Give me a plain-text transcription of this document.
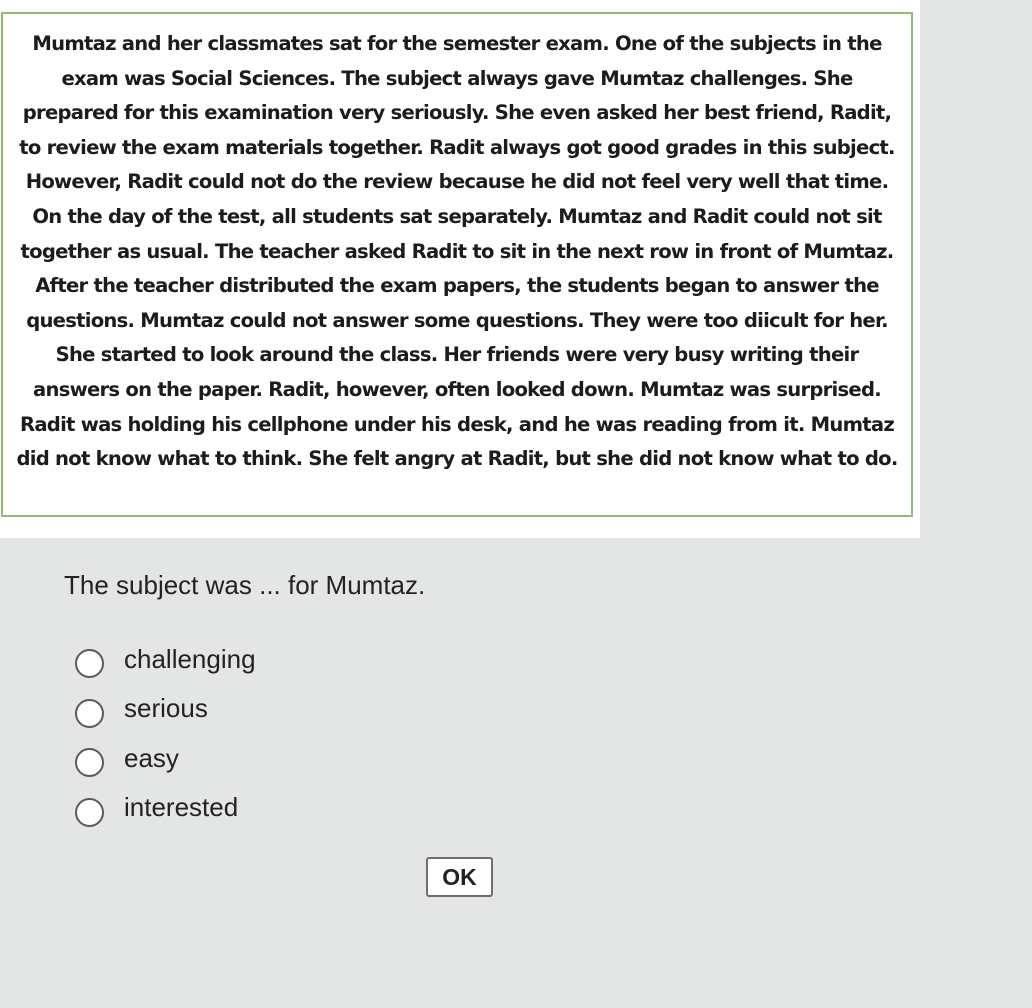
Mumtaz and her classmates sat for the semester exam. One of the subjects in the exam was Social Sciences. The subject always gave Mumtaz challenges. She prepared for this examination very seriously. She even asked her best friend, Radit, to review the exam materials together. Radit always got good grades in this subject. However, Radit could not do the review because he did not feel very well that time. On the day of the test, all students sat separately. Mumtaz and Radit could not sit together as usual. The teacher asked Radit to sit in the next row in front of Mumtaz. After the teacher distributed the exam papers, the students began to answer the questions. Mumtaz could not answer some questions. They were too diicult for her. She started to look around the class. Her friends were very busy writing their answers on the paper. Radit, however, often looked down. Mumtaz was surprised. Radit was holding his cellphone under his desk, and he was reading from it. Mumtaz did not know what to think. She felt angry at Radit, but she did not know what to do.

The subject was ... for Mumtaz.

challenging
serious
easy
interested
OK
